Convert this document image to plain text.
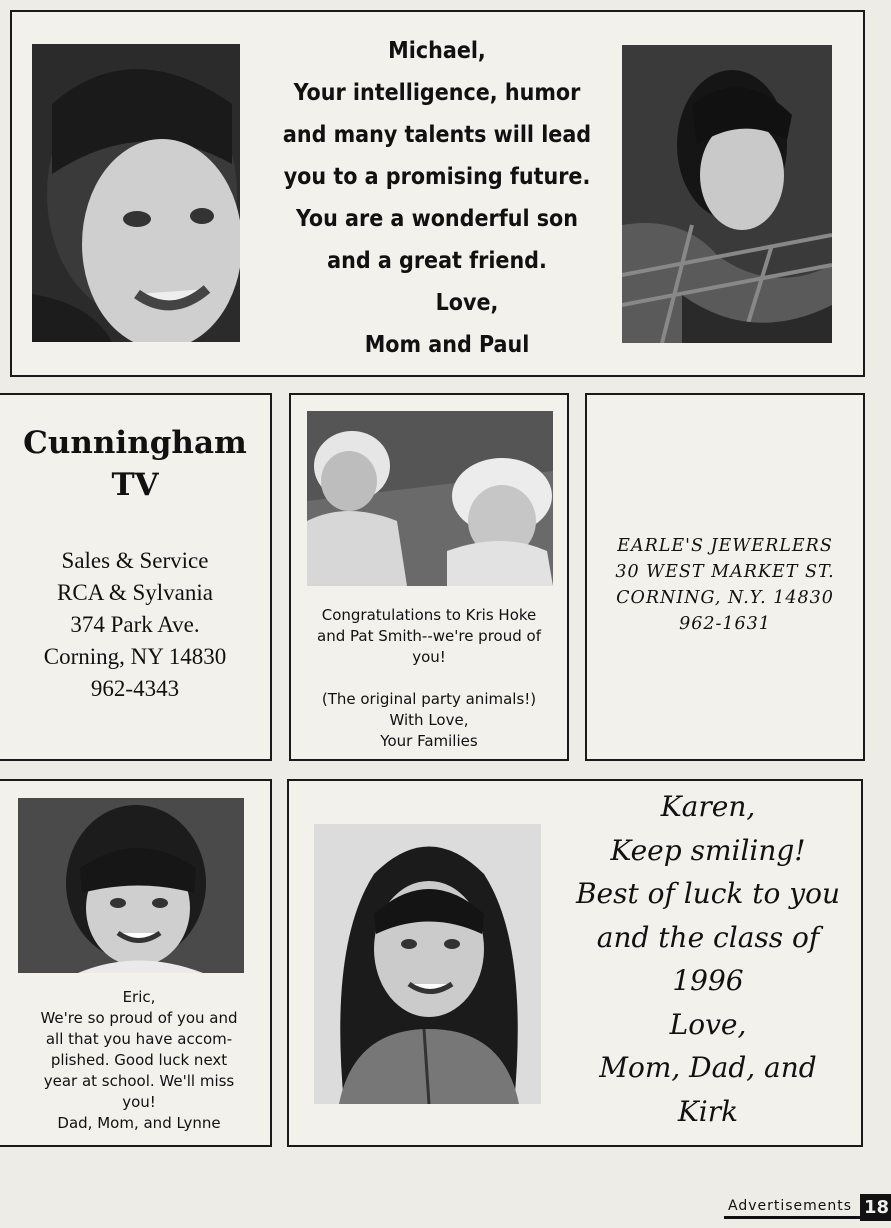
Michael,
Your intelligence, humor
and many talents will lead
you to a promising future.
You are a wonderful son
and a great friend.
Love,
Mom and Paul
Cunningham
TV
Sales & Service
RCA & Sylvania
374 Park Ave.
Corning, NY 14830
962-4343
Congratulations to Kris Hoke
and Pat Smith--we're proud of
you!
(The original party animals!)
With Love,
Your Families
EARLE'S JEWERLERS
30 WEST MARKET ST.
CORNING, N.Y. 14830
962-1631
Eric,
We're so proud of you and
all that you have accom-
plished. Good luck next
year at school. We'll miss
you!
Dad, Mom, and Lynne
Karen,
Keep smiling!
Best of luck to you
and the class of
1996
Love,
Mom, Dad, and
Kirk
Advertisements 18
